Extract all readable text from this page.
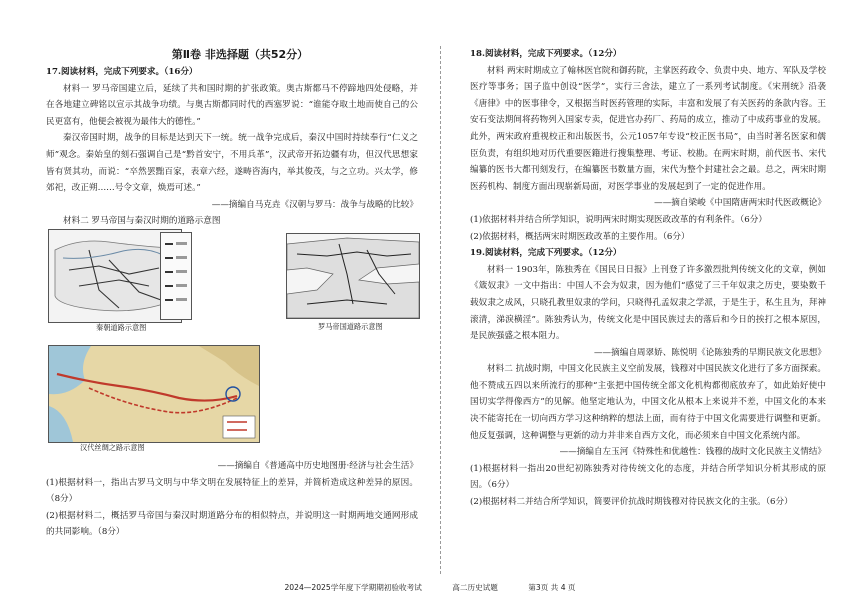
第Ⅱ卷 非选择题（共52分）

17.阅读材料，完成下列要求。（16分）

材料一 罗马帝国建立后，延续了共和国时期的扩张政策。奥古斯都马不停蹄地四处侵略，并在各地建立碑铭以宣示其战争功绩。与奥古斯都同时代的西塞罗说：“谁能夺取土地而使自己的公民更富有，他便会被视为最伟大的德性。”

秦汉帝国时期，战争的目标是达到天下一统。统一战争完成后，秦汉中国时持续奉行“仁义之师”观念。秦始皇的刻石强调自己是“黔首安宁，不用兵革”，汉武帝开拓边疆有功，但汉代思想家皆有贤其功，而说：“卒然罢黜百家，表章六经，遂畴咨海内，举其俊茂，与之立功。兴太学，修郊祀，改正朔……号令文章，焕焉可述。”

——摘编自马克垚《汉朝与罗马：战争与战略的比较》

材料二 罗马帝国与秦汉时期的道路示意图

秦朝道路示意图	罗马帝国道路示意图
汉代丝绸之路示意图

——摘编自《普通高中历史地图册·经济与社会生活》

(1)根据材料一，指出古罗马文明与中华文明在发展特征上的差异，并简析造成这种差异的原因。（8分）

(2)根据材料二，概括罗马帝国与秦汉时期道路分布的相似特点，并说明这一时期两地交通网形成的共同影响。（8分）

18.阅读材料，完成下列要求。（12分）

材料 两宋时期成立了翰林医官院和御药院，主掌医药政令、负责中央、地方、军队及学校医疗等事务；国子监中创设“医学”，实行三舍法，建立了一系列考试制度。《宋刑统》沿袭《唐律》中的医事律令，又根据当时医药管理的实际，丰富和发展了有关医药的条款内容。王安石变法期间将药物列入国家专卖，促进官办药厂、药局的成立，推动了中成药事业的发展。此外，两宋政府重视校正和出版医书，公元1057年专设“校正医书局”，由当时著名医家和儒臣负责，有组织地对历代重要医籍进行搜集整理、考证、校勘。在两宋时期，前代医书、宋代编纂的医书大都刊刻发行，在编纂医书数量方面，宋代为整个封建社会之最。总之，两宋时期医药机构、制度方面出现崭新局面，对医学事业的发展起到了一定的促进作用。

——摘自梁峻《中国隋唐两宋时代医政概论》

(1)依据材料并结合所学知识，说明两宋时期实现医政改革的有利条件。（6分）

(2)依据材料，概括两宋时期医政改革的主要作用。（6分）

19.阅读材料，完成下列要求。（12分）

材料一 1903年，陈独秀在《国民日日报》上刊登了许多激烈批判传统文化的文章，例如《箴奴隶》一文中指出：中国人不会为奴隶，因为他们“感觉了三千年奴隶之历史，要染数千载奴隶之成风，只晓孔教里奴隶的学问，只晓得孔孟奴隶之学派，于是生于，私生且为，拜神滚清，涕淚横淫”。陈独秀认为，传统文化是中国民族过去的落后和今日的挨打之根本原因，是民族强盛之根本阻力。

——摘编自周翠娇、陈悦明《论陈独秀的早期民族文化思想》

材料二 抗战时期，中国文化民族主义空前发展，钱穆对中国民族文化进行了多方面探索。他不赞成五四以来所流行的那种“主张把中国传统全部文化机构都彻底放弃了，如此始好使中国切实学得像西方”的见解。他坚定地认为，中国文化从根本上来说并不差，中国文化的本来决不能寄托在一切向西方学习这种纳粹的想法上面，而有待于中国文化需要进行调整和更新。他反复强调，这种调整与更新的动力并非来自西方文化，而必须来自中国文化系统内部。

——摘编自左玉河《特殊性和优越性：钱穆的战时文化民族主义情结》

(1)根据材料一指出20世纪初陈独秀对待传统文化的态度，并结合所学知识分析其形成的原因。（6分）

(2)根据材料二并结合所学知识，简要评价抗战时期钱穆对待民族文化的主张。（6分）

2024—2025学年度下学期期初验收考试	高二历史试题	第3页 共 4 页
